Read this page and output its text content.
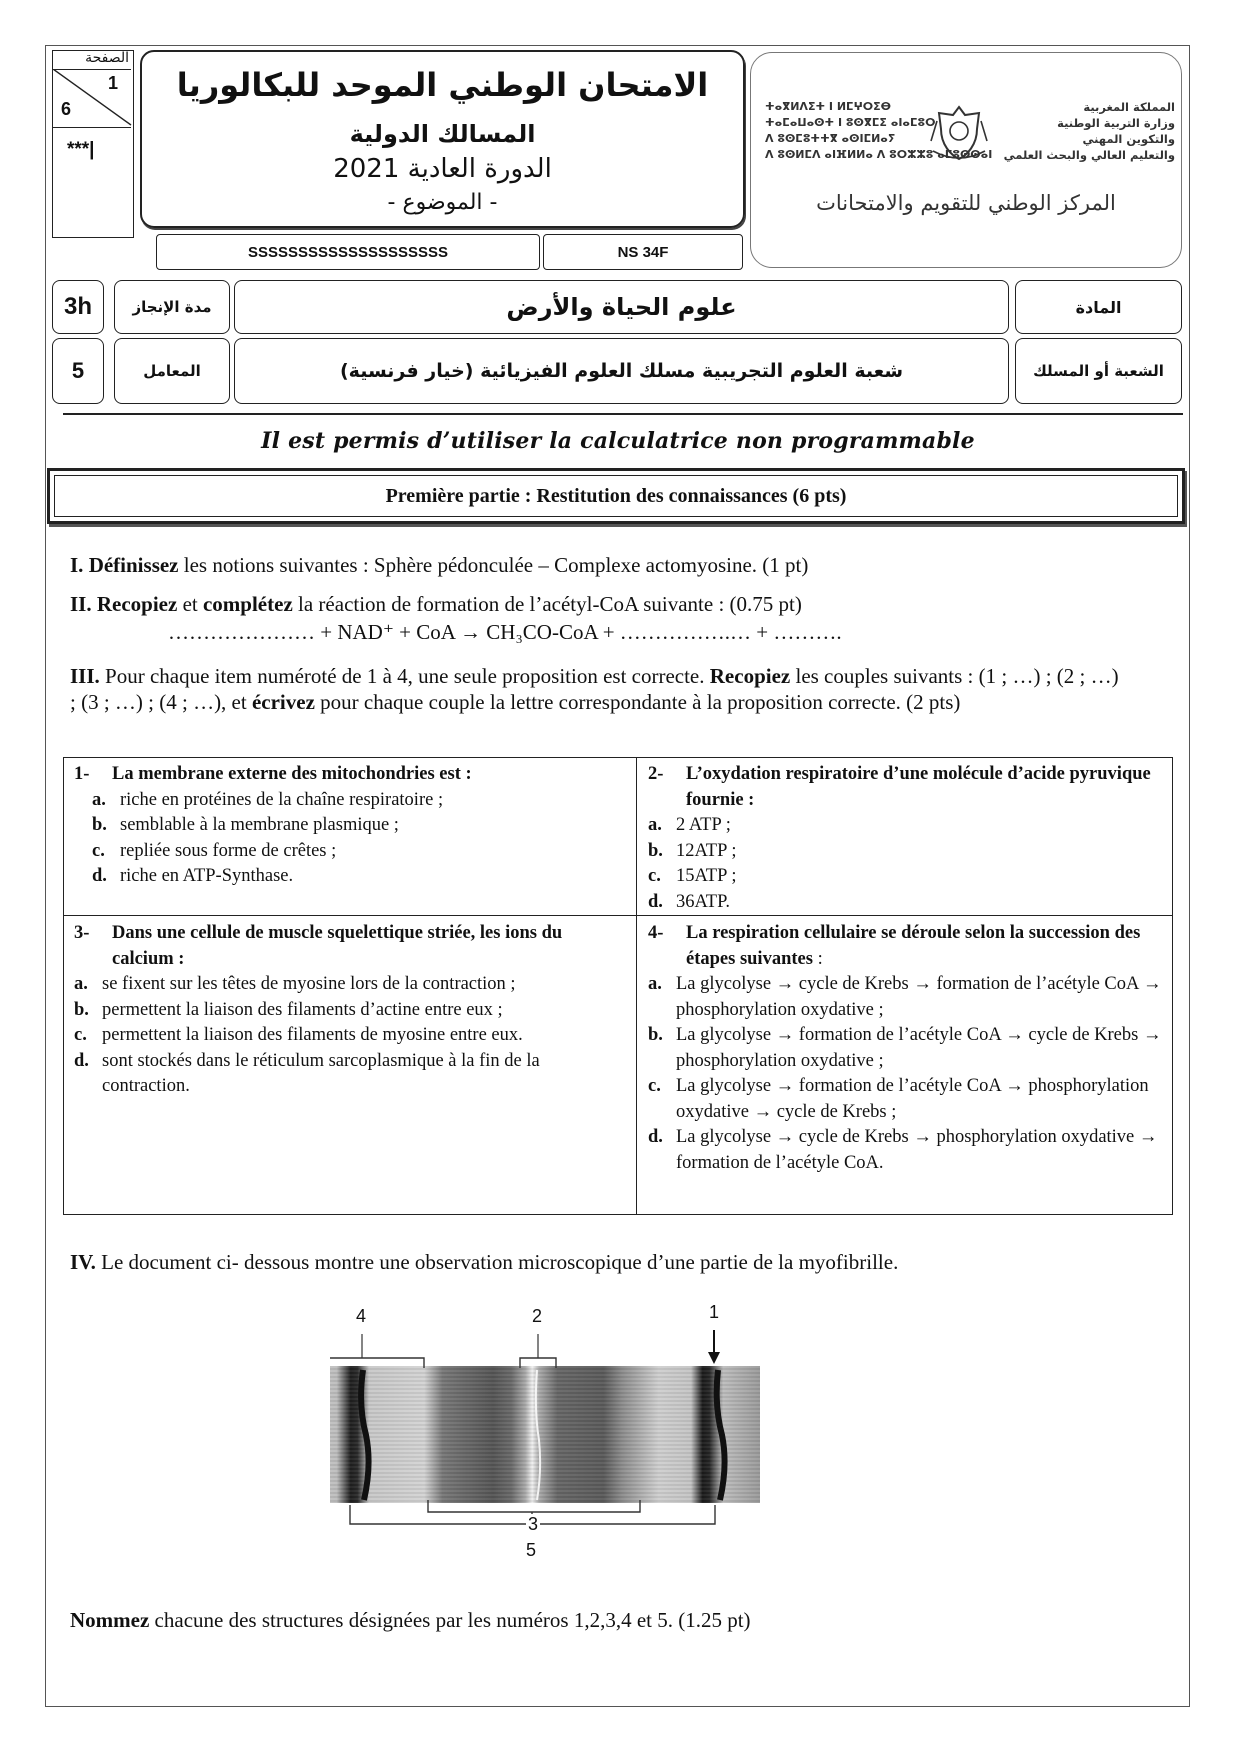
الصفحة
1
6
***|
الامتحان الوطني الموحد للبكالوريا
المسالك الدولية
الدورة العادية 2021
- الموضوع -
SSSSSSSSSSSSSSSSSSSS	NS 34F
ⵜⴰⴳⵍⴷⵉⵜ ⵏ ⵍⵎⵖⵔⵉⴱ
ⵜⴰⵎⴰⵡⴰⵙⵜ ⵏ ⵓⵙⴳⵎⵉ ⴰⵏⴰⵎⵓⵔ
ⴷ ⵓⵙⵎⵓⵜⵜⴳ ⴰⵙⵏⵎⵍⴰⵢ
ⴷ ⵓⵙⵍⵎⴷ ⴰⵏⴼⵍⵍⴰ ⴷ ⵓⵔⵣⵣⵓ ⴰⵎⵓⵙⵙⴰⵏ
المملكة المغربية
وزارة التربية الوطنية
والتكوين المهني
والتعليم العالي والبحث العلمي
المركز الوطني للتقويم والامتحانات
3h	مدة الإنجاز	علوم الحياة والأرض	المادة
5	المعامل	شعبة العلوم التجريبية مسلك العلوم الفيزيائية (خيار فرنسية)	الشعبة أو المسلك
Il est permis d’utiliser la calculatrice non programmable
Première partie : Restitution des connaissances (6 pts)
I. Définissez les notions suivantes : Sphère pédonculée – Complexe actomyosine. (1 pt)
II. Recopiez et complétez la réaction de formation de l’acétyl-CoA suivante : (0.75 pt)
………………… + NAD⁺ + CoA → CH₃CO-CoA + …………….… + ……….
III. Pour chaque item numéroté de 1 à 4, une seule proposition est correcte. Recopiez les couples suivants : (1 ; …) ; (2 ; …) ; (3 ; …) ; (4 ; …), et écrivez pour chaque couple la lettre correspondante à la proposition correcte. (2 pts)
1-	La membrane externe des mitochondries est :
a. riche en protéines de la chaîne respiratoire ;
b. semblable à la membrane plasmique ;
c. repliée sous forme de crêtes ;
d. riche en ATP-Synthase.
2-	L’oxydation respiratoire d’une molécule d’acide pyruvique fournie :
a. 2 ATP ;
b. 12ATP ;
c. 15ATP ;
d. 36ATP.
3-	Dans une cellule de muscle squelettique striée, les ions du calcium :
a. se fixent sur les têtes de myosine lors de la contraction ;
b. permettent la liaison des filaments d’actine entre eux ;
c. permettent la liaison des filaments de myosine entre eux.
d. sont stockés dans le réticulum sarcoplasmique à la fin de la contraction.
4-	La respiration cellulaire se déroule selon la succession des étapes suivantes :
a. La glycolyse → cycle de Krebs → formation de l’acétyle CoA → phosphorylation oxydative ;
b. La glycolyse → formation de l’acétyle CoA → cycle de Krebs → phosphorylation oxydative ;
c. La glycolyse → formation de l’acétyle CoA → phosphorylation oxydative → cycle de Krebs ;
d. La glycolyse → cycle de Krebs → phosphorylation oxydative → formation de l’acétyle CoA.
IV. Le document ci- dessous montre une observation microscopique d’une partie de la myofibrille.
4	2	1
3
5
Nommez chacune des structures désignées par les numéros 1,2,3,4 et 5. (1.25 pt)
